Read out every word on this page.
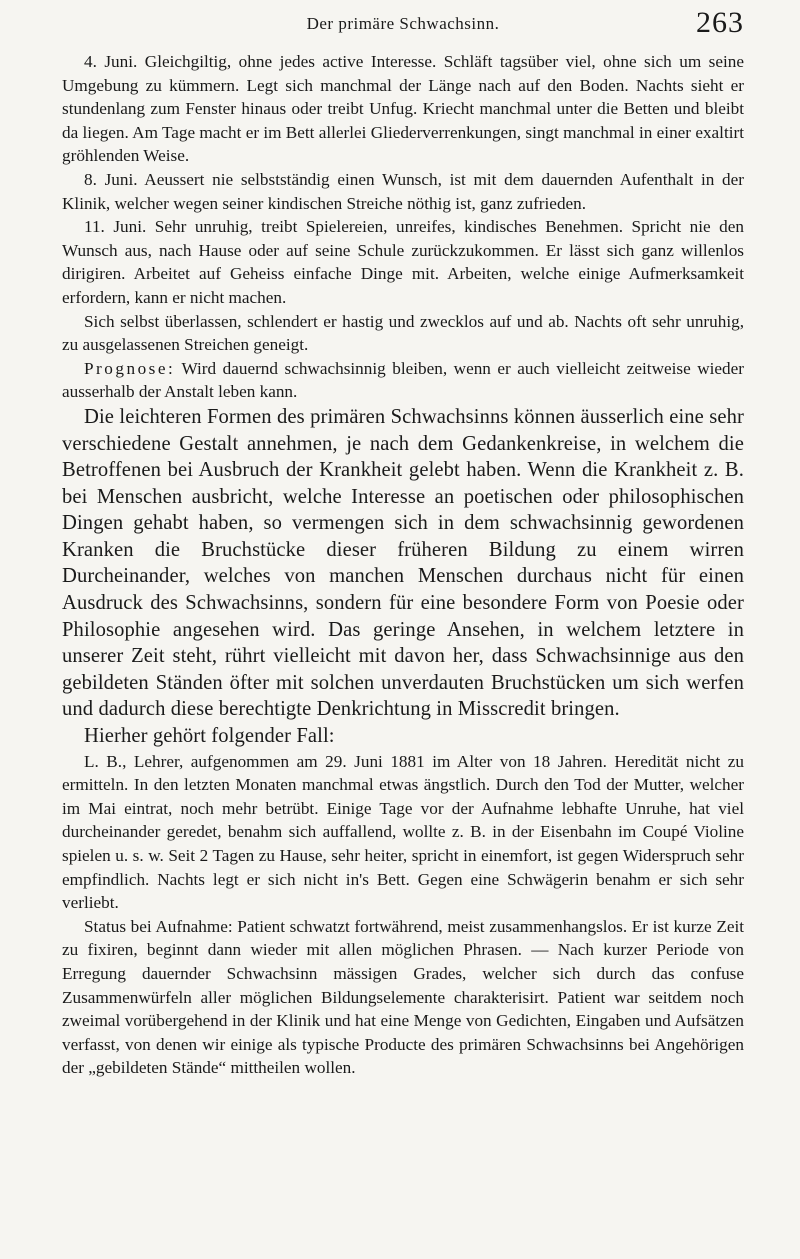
Der primäre Schwachsinn.	263

4. Juni. Gleichgiltig, ohne jedes active Interesse. Schläft tagsüber viel, ohne sich um seine Umgebung zu kümmern. Legt sich manchmal der Länge nach auf den Boden. Nachts sieht er stundenlang zum Fenster hinaus oder treibt Unfug. Kriecht manchmal unter die Betten und bleibt da liegen. Am Tage macht er im Bett allerlei Gliederverrenkungen, singt manchmal in einer exaltirt gröhlenden Weise.

8. Juni. Aeussert nie selbstständig einen Wunsch, ist mit dem dauernden Aufenthalt in der Klinik, welcher wegen seiner kindischen Streiche nöthig ist, ganz zufrieden.

11. Juni. Sehr unruhig, treibt Spielereien, unreifes, kindisches Benehmen. Spricht nie den Wunsch aus, nach Hause oder auf seine Schule zurückzukommen. Er lässt sich ganz willenlos dirigiren. Arbeitet auf Geheiss einfache Dinge mit. Arbeiten, welche einige Aufmerksamkeit erfordern, kann er nicht machen.

Sich selbst überlassen, schlendert er hastig und zwecklos auf und ab. Nachts oft sehr unruhig, zu ausgelassenen Streichen geneigt.

Prognose: Wird dauernd schwachsinnig bleiben, wenn er auch vielleicht zeitweise wieder ausserhalb der Anstalt leben kann.

Die leichteren Formen des primären Schwachsinns können äusserlich eine sehr verschiedene Gestalt annehmen, je nach dem Gedankenkreise, in welchem die Betroffenen bei Ausbruch der Krankheit gelebt haben. Wenn die Krankheit z. B. bei Menschen ausbricht, welche Interesse an poetischen oder philosophischen Dingen gehabt haben, so vermengen sich in dem schwachsinnig gewordenen Kranken die Bruchstücke dieser früheren Bildung zu einem wirren Durcheinander, welches von manchen Menschen durchaus nicht für einen Ausdruck des Schwachsinns, sondern für eine besondere Form von Poesie oder Philosophie angesehen wird. Das geringe Ansehen, in welchem letztere in unserer Zeit steht, rührt vielleicht mit davon her, dass Schwachsinnige aus den gebildeten Ständen öfter mit solchen unverdauten Bruchstücken um sich werfen und dadurch diese berechtigte Denkrichtung in Misscredit bringen.

Hierher gehört folgender Fall:

L. B., Lehrer, aufgenommen am 29. Juni 1881 im Alter von 18 Jahren. Heredität nicht zu ermitteln. In den letzten Monaten manchmal etwas ängstlich. Durch den Tod der Mutter, welcher im Mai eintrat, noch mehr betrübt. Einige Tage vor der Aufnahme lebhafte Unruhe, hat viel durcheinander geredet, benahm sich auffallend, wollte z. B. in der Eisenbahn im Coupé Violine spielen u. s. w. Seit 2 Tagen zu Hause, sehr heiter, spricht in einemfort, ist gegen Widerspruch sehr empfindlich. Nachts legt er sich nicht in's Bett. Gegen eine Schwägerin benahm er sich sehr verliebt.

Status bei Aufnahme: Patient schwatzt fortwährend, meist zusammenhangslos. Er ist kurze Zeit zu fixiren, beginnt dann wieder mit allen möglichen Phrasen. — Nach kurzer Periode von Erregung dauernder Schwachsinn mässigen Grades, welcher sich durch das confuse Zusammenwürfeln aller möglichen Bildungselemente charakterisirt. Patient war seitdem noch zweimal vorübergehend in der Klinik und hat eine Menge von Gedichten, Eingaben und Aufsätzen verfasst, von denen wir einige als typische Producte des primären Schwachsinns bei Angehörigen der „gebildeten Stände“ mittheilen wollen.
